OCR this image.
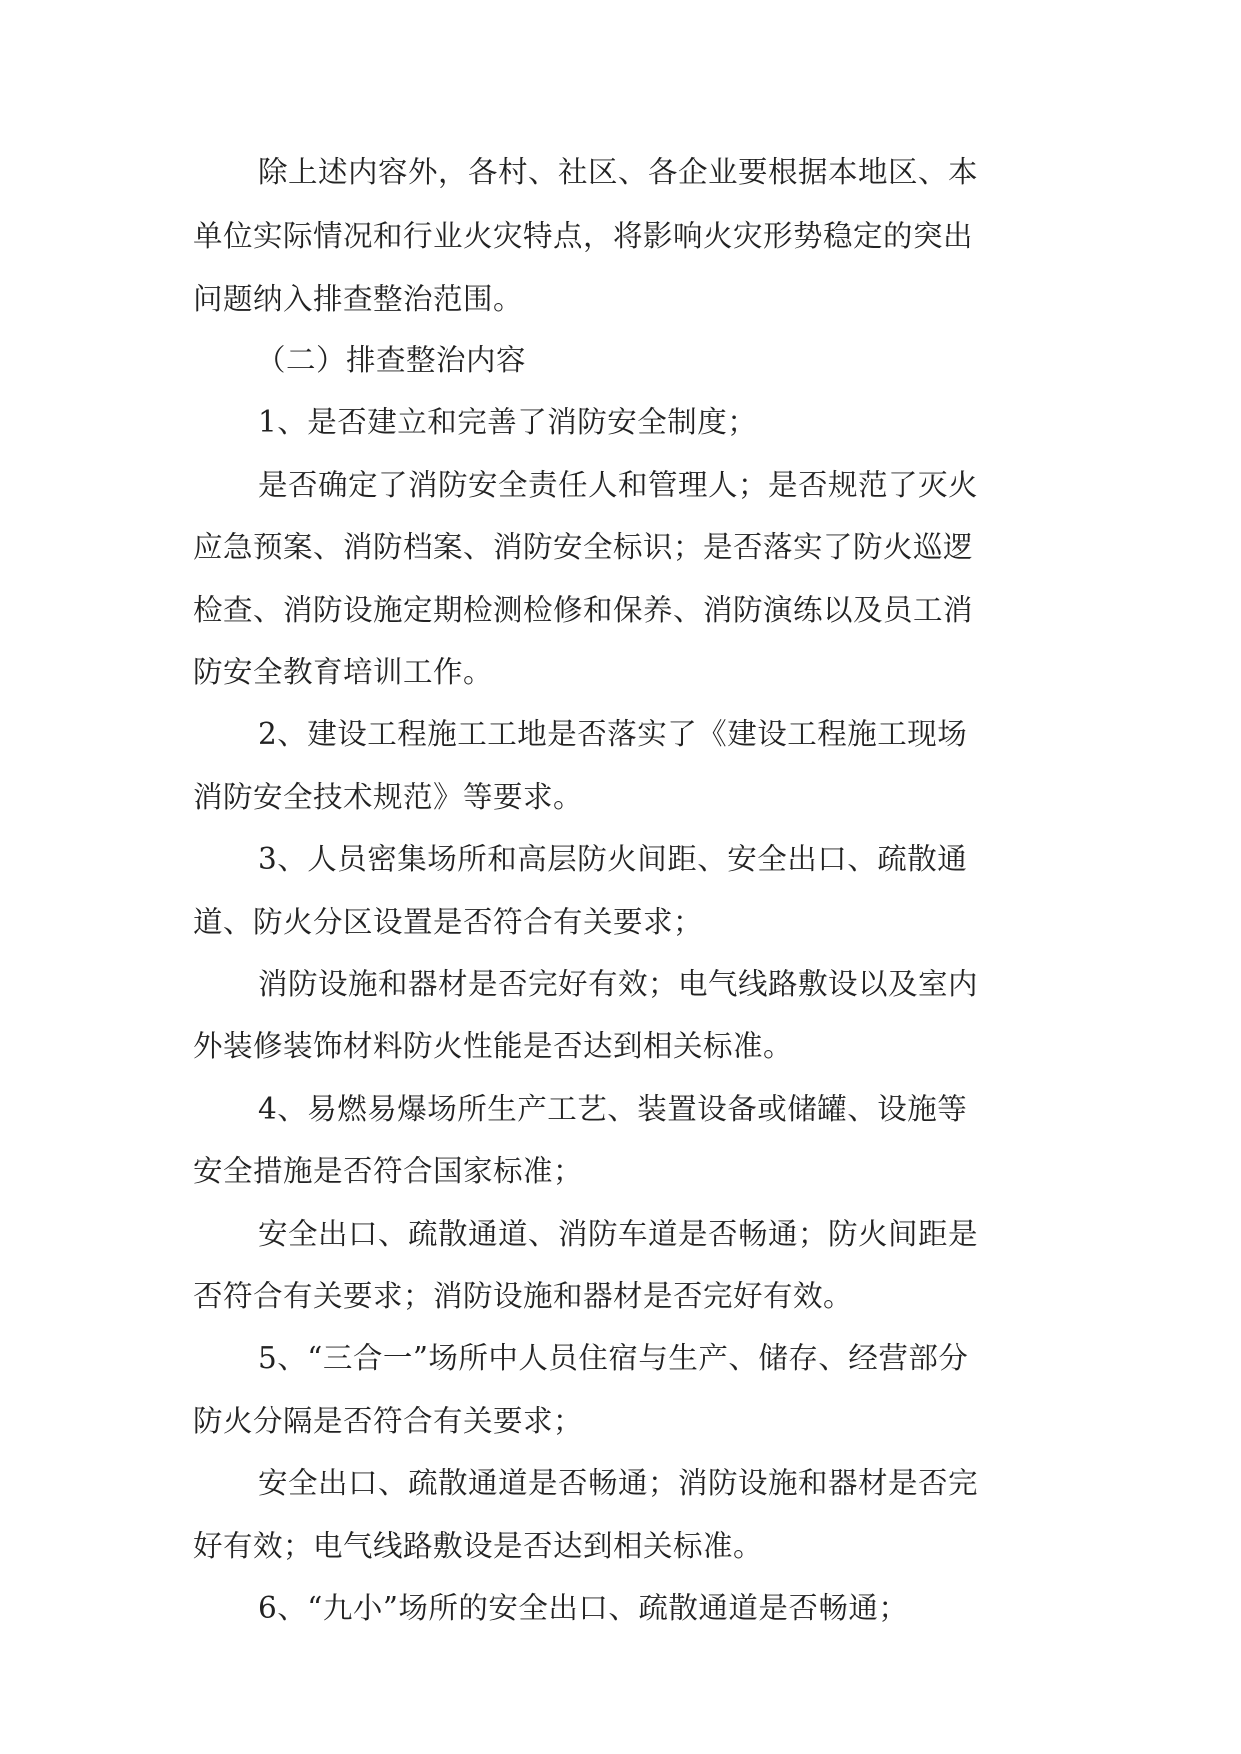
除上述内容外，各村、社区、各企业要根据本地区、本
单位实际情况和行业火灾特点，将影响火灾形势稳定的突出
问题纳入排查整治范围。
（二）排查整治内容
1、是否建立和完善了消防安全制度；
是否确定了消防安全责任人和管理人；是否规范了灭火
应急预案、消防档案、消防安全标识；是否落实了防火巡逻
检查、消防设施定期检测检修和保养、消防演练以及员工消
防安全教育培训工作。
2、建设工程施工工地是否落实了《建设工程施工现场
消防安全技术规范》等要求。
3、人员密集场所和高层防火间距、安全出口、疏散通
道、防火分区设置是否符合有关要求；
消防设施和器材是否完好有效；电气线路敷设以及室内
外装修装饰材料防火性能是否达到相关标准。
4、易燃易爆场所生产工艺、装置设备或储罐、设施等
安全措施是否符合国家标准；
安全出口、疏散通道、消防车道是否畅通；防火间距是
否符合有关要求；消防设施和器材是否完好有效。
5、“三合一”场所中人员住宿与生产、储存、经营部分
防火分隔是否符合有关要求；
安全出口、疏散通道是否畅通；消防设施和器材是否完
好有效；电气线路敷设是否达到相关标准。
6、“九小”场所的安全出口、疏散通道是否畅通；
